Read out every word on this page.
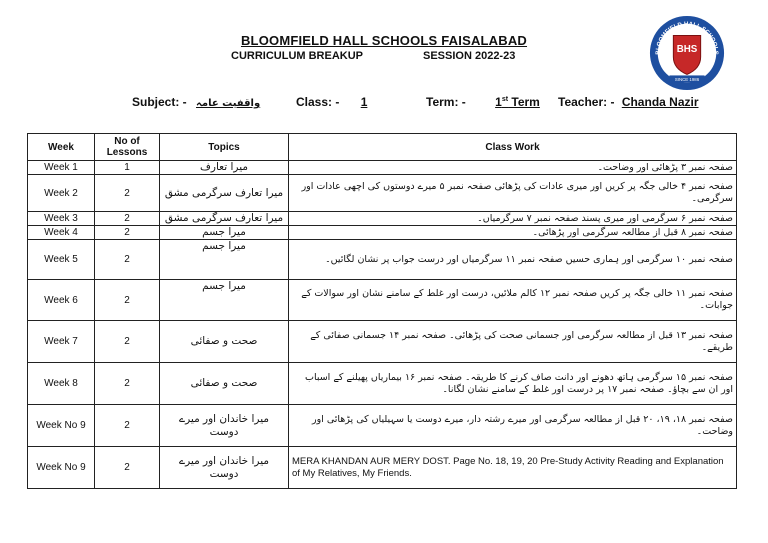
BLOOMFIELD HALL SCHOOLS FAISALABAD
CURRICULUM BREAKUP	SESSION 2022-23	BLOOMFIELD HALL SCHOOLS
BHS
SINCE 1986
Subject: - واقفیت عامہ	Class: - 1	Term: - 1st Term Teacher: - Chanda Nazir
Week	No of
Lessons	Topics	Class Work
Week 1	1	میرا تعارف	صفحہ نمبر ۳ پڑھائی اور وضاحت۔
Week 2	2	میرا تعارف سرگرمی مشق	صفحہ نمبر ۴ خالی جگہ پر کریں اور میری عادات کی پڑھائی صفحہ نمبر ۵ میرے دوستوں کی اچھی عادات اور سرگرمی۔
Week 3	2	میرا تعارف سرگرمی مشق	صفحہ نمبر ۶ سرگرمی اور میری پسند صفحہ نمبر ۷ سرگرمیاں۔
Week 4	2	میرا جسم	صفحہ نمبر ۸ قبل از مطالعہ سرگرمی اور پڑھائی۔
Week 5	2	میرا جسم	صفحہ نمبر ۱۰ سرگرمی اور ہماری حسیں صفحہ نمبر ۱۱ سرگرمیاں اور درست جواب پر نشان لگائیں۔
Week 6	2	میرا جسم	صفحہ نمبر ۱۱ خالی جگہ پر کریں صفحہ نمبر ۱۲ کالم ملائیں، درست اور غلط کے سامنے نشان اور سوالات کے جوابات۔
Week 7	2	صحت و صفائی	صفحہ نمبر ۱۳ قبل از مطالعہ سرگرمی اور جسمانی صحت کی پڑھائی۔ صفحہ نمبر ۱۴ جسمانی صفائی کے طریقے۔
Week 8	2	صحت و صفائی	صفحہ نمبر ۱۵ سرگرمی ہاتھ دھونے اور دانت صاف کرنے کا طریقہ۔ صفحہ نمبر ۱۶ بیماریاں پھیلنے کے اسباب اور ان سے بچاؤ۔ صفحہ نمبر ۱۷ پر درست اور غلط کے سامنے نشان لگانا۔
Week No 9	2	میرا خاندان اور میرے دوست	صفحہ نمبر ۱۸، ۱۹، ۲۰ قبل از مطالعہ سرگرمی اور میرے رشتہ دار، میرے دوست یا سہیلیاں کی پڑھائی اور وضاحت۔
Week No 9	2	میرا خاندان اور میرے دوست	MERA KHANDAN AUR MERY DOST. Page No. 18, 19, 20 Pre-Study Activity Reading and Explanation of My Relatives, My Friends.
